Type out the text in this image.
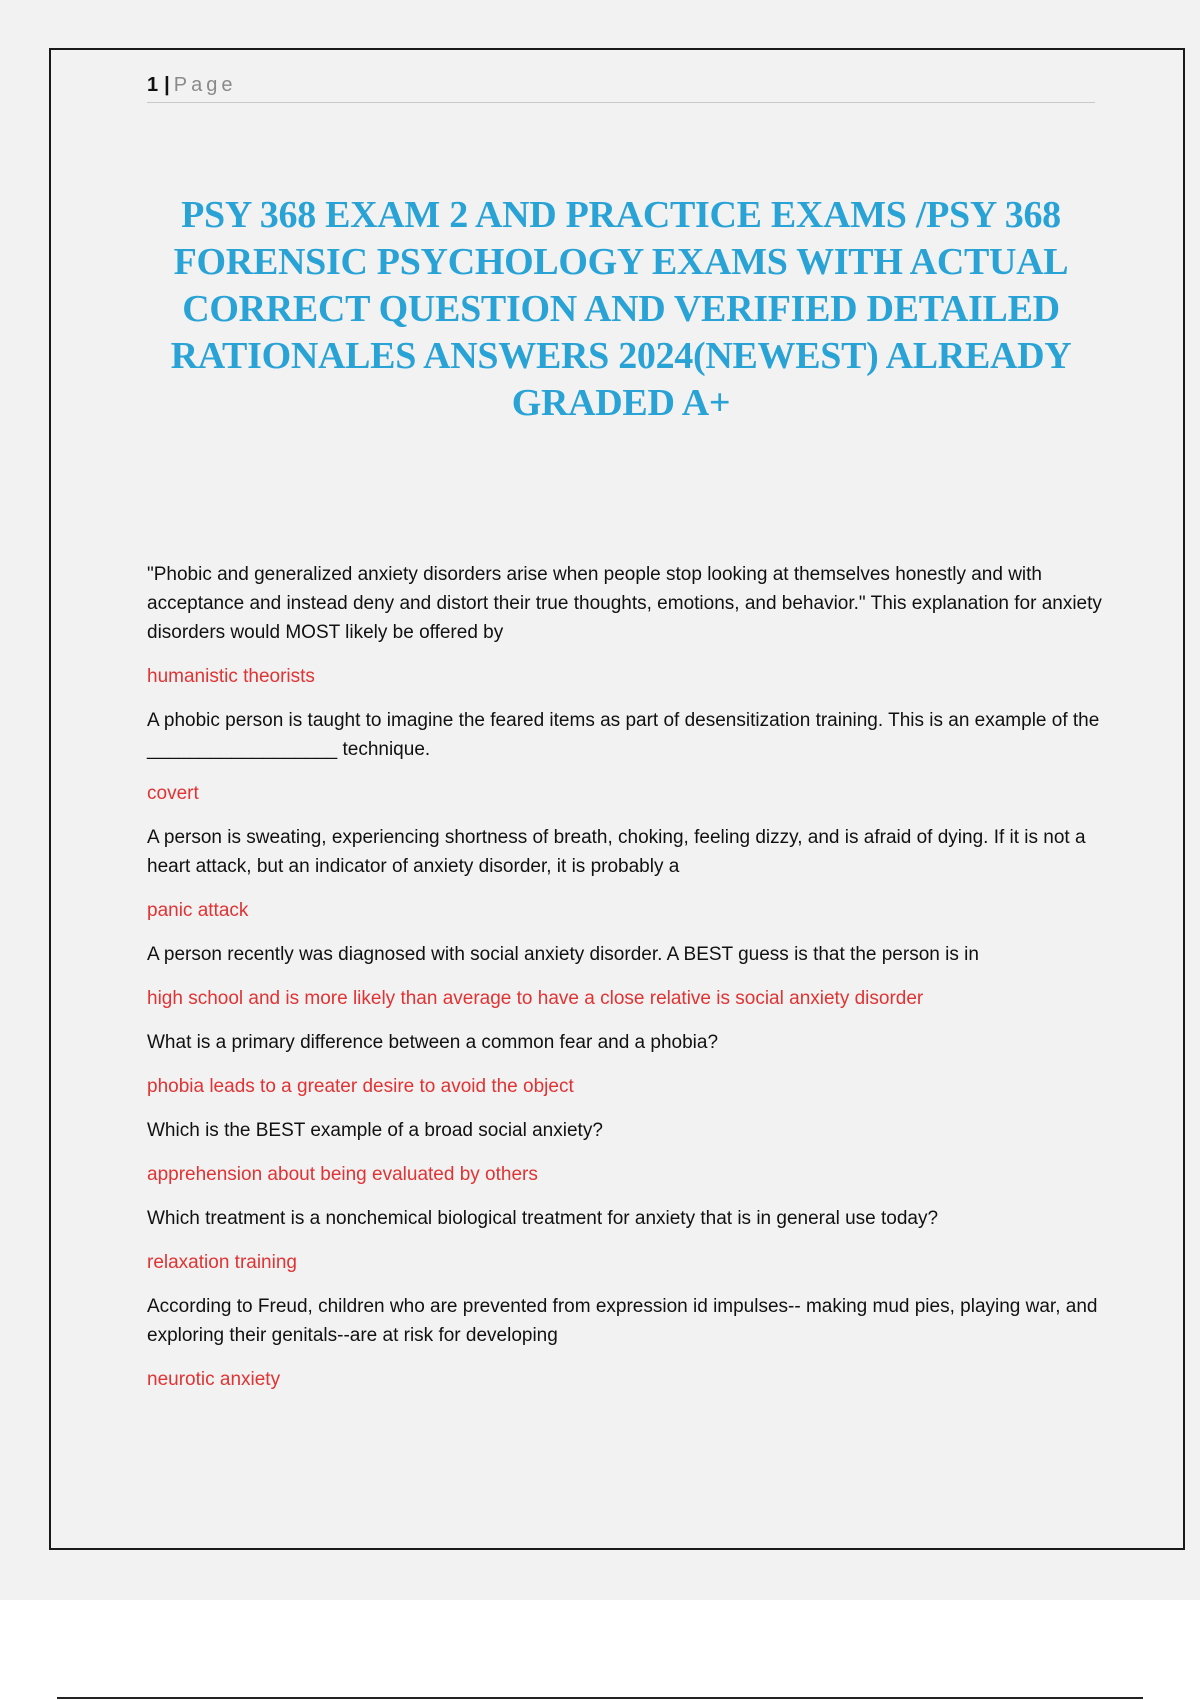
1 | Page
PSY 368 EXAM 2 AND PRACTICE EXAMS /PSY 368 FORENSIC PSYCHOLOGY EXAMS WITH ACTUAL CORRECT QUESTION AND VERIFIED DETAILED RATIONALES ANSWERS 2024(NEWEST) ALREADY GRADED A+

"Phobic and generalized anxiety disorders arise when people stop looking at themselves honestly and with acceptance and instead deny and distort their true thoughts, emotions, and behavior." This explanation for anxiety disorders would MOST likely be offered by

humanistic theorists

A phobic person is taught to imagine the feared items as part of desensitization training. This is an example of the __________________ technique.

covert

A person is sweating, experiencing shortness of breath, choking, feeling dizzy, and is afraid of dying. If it is not a heart attack, but an indicator of anxiety disorder, it is probably a

panic attack

A person recently was diagnosed with social anxiety disorder. A BEST guess is that the person is in

high school and is more likely than average to have a close relative is social anxiety disorder

What is a primary difference between a common fear and a phobia?

phobia leads to a greater desire to avoid the object

Which is the BEST example of a broad social anxiety?

apprehension about being evaluated by others

Which treatment is a nonchemical biological treatment for anxiety that is in general use today?

relaxation training

According to Freud, children who are prevented from expression id impulses-- making mud pies, playing war, and exploring their genitals--are at risk for developing

neurotic anxiety
